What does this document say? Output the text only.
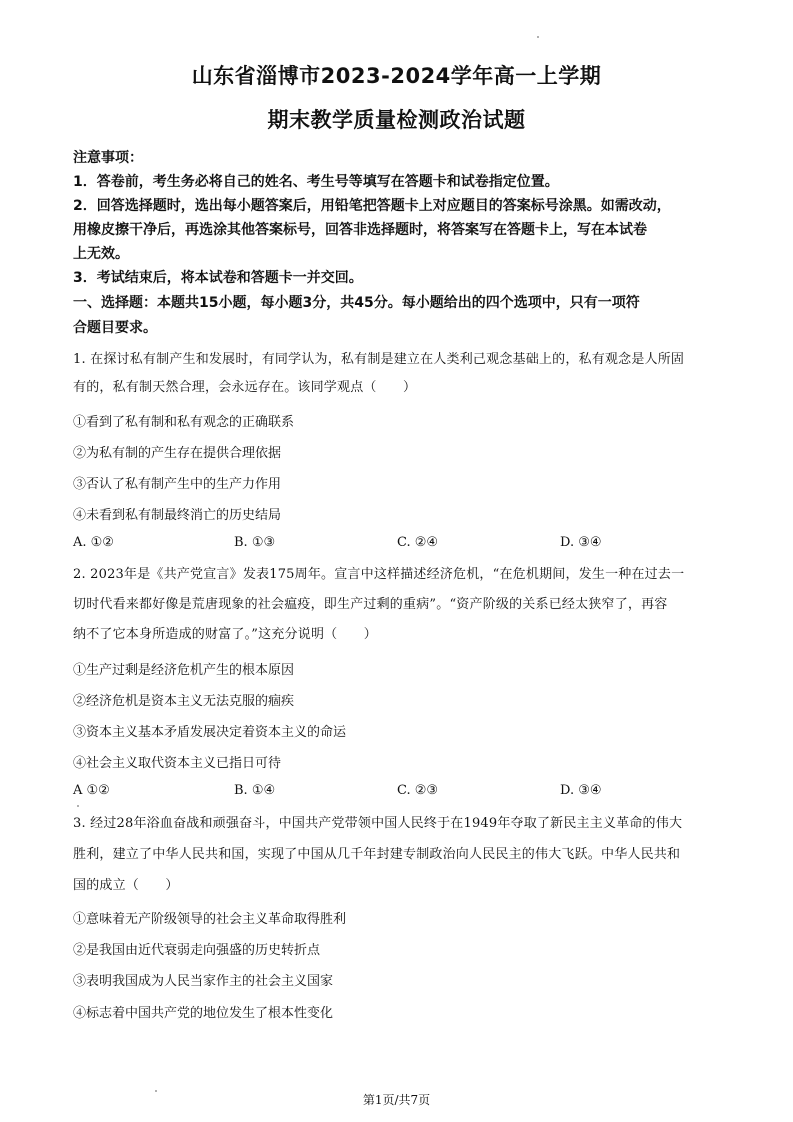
山东省淄博市2023-2024学年高一上学期
期末教学质量检测政治试题
注意事项：
1．答卷前，考生务必将自己的姓名、考生号等填写在答题卡和试卷指定位置。
2．回答选择题时，选出每小题答案后，用铅笔把答题卡上对应题目的答案标号涂黑。如需改动，
用橡皮擦干净后，再选涂其他答案标号，回答非选择题时，将答案写在答题卡上，写在本试卷
上无效。
3．考试结束后，将本试卷和答题卡一并交回。
一、选择题：本题共15小题，每小题3分，共45分。每小题给出的四个选项中，只有一项符
合题目要求。
1. 在探讨私有制产生和发展时，有同学认为，私有制是建立在人类利己观念基础上的，私有观念是人所固
有的，私有制天然合理，会永远存在。该同学观点（　　）
①看到了私有制和私有观念的正确联系
②为私有制的产生存在提供合理依据
③否认了私有制产生中的生产力作用
④未看到私有制最终消亡的历史结局
A. ①②	B. ①③	C. ②④	D. ③④
2. 2023年是《共产党宣言》发表175周年。宣言中这样描述经济危机，“在危机期间，发生一种在过去一
切时代看来都好像是荒唐现象的社会瘟疫，即生产过剩的重病”。“资产阶级的关系已经太狭窄了，再容
纳不了它本身所造成的财富了。”这充分说明（　　）
①生产过剩是经济危机产生的根本原因
②经济危机是资本主义无法克服的痼疾
③资本主义基本矛盾发展决定着资本主义的命运
④社会主义取代资本主义已指日可待
A ①②	B. ①④	C. ②③	D. ③④
3. 经过28年浴血奋战和顽强奋斗，中国共产党带领中国人民终于在1949年夺取了新民主主义革命的伟大
胜利，建立了中华人民共和国，实现了中国从几千年封建专制政治向人民民主的伟大飞跃。中华人民共和
国的成立（　　）
①意味着无产阶级领导的社会主义革命取得胜利
②是我国由近代衰弱走向强盛的历史转折点
③表明我国成为人民当家作主的社会主义国家
④标志着中国共产党的地位发生了根本性变化
第1页/共7页
